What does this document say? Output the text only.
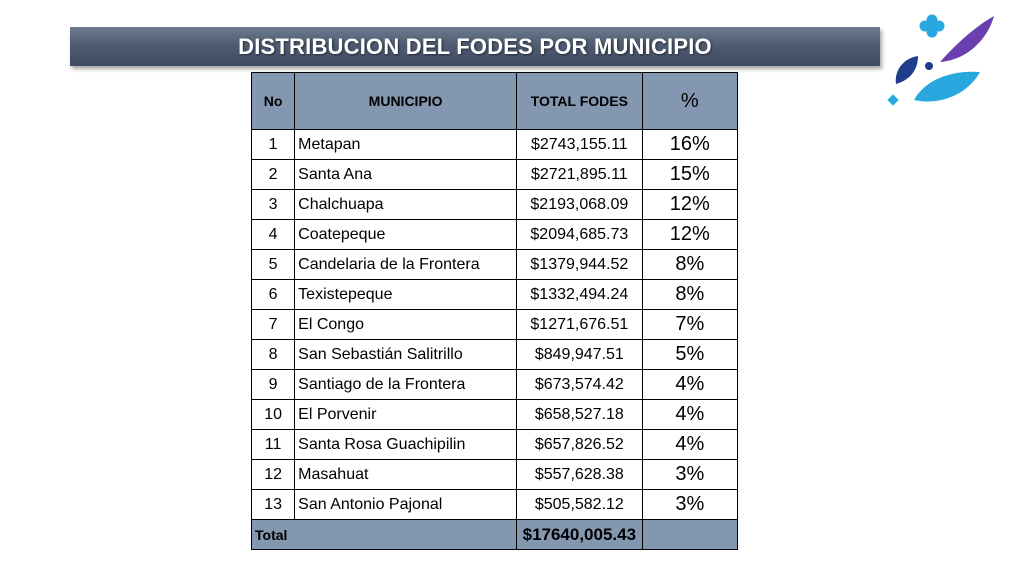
DISTRIBUCION DEL FODES POR MUNICIPIO
No	MUNICIPIO	TOTAL FODES	%
1	Metapan	$2743,155.11	16%
2	Santa Ana	$2721,895.11	15%
3	Chalchuapa	$2193,068.09	12%
4	Coatepeque	$2094,685.73	12%
5	Candelaria de la Frontera	$1379,944.52	8%
6	Texistepeque	$1332,494.24	8%
7	El Congo	$1271,676.51	7%
8	San Sebastián Salitrillo	$849,947.51	5%
9	Santiago de la Frontera	$673,574.42	4%
10	El Porvenir	$658,527.18	4%
11	Santa Rosa Guachipilin	$657,826.52	4%
12	Masahuat	$557,628.38	3%
13	San Antonio Pajonal	$505,582.12	3%
Total		$17640,005.43	
